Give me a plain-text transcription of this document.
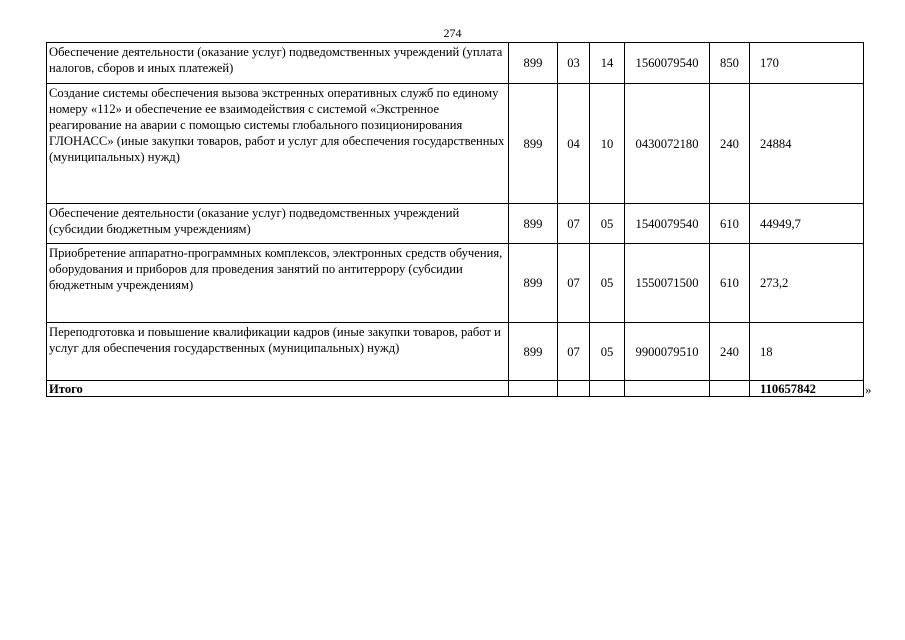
274
Обеспечение деятельности (оказание услуг) подведомственных учреждений (уплата налогов, сборов и иных платежей)	899	03	14	1560079540	850	170
Создание системы обеспечения вызова экстренных оперативных служб по единому номеру «112» и обеспечение ее взаимодействия с системой «Экстренное реагирование на аварии с помощью системы глобального позиционирования ГЛОНАСС» (иные закупки товаров, работ и услуг для обеспечения государственных (муниципальных) нужд)	899	04	10	0430072180	240	24884
Обеспечение деятельности (оказание услуг) подведомственных учреждений (субсидии бюджетным учреждениям)	899	07	05	1540079540	610	44949,7
Приобретение аппаратно-программных комплексов, электронных средств обучения, оборудования и приборов для проведения занятий по антитеррору (субсидии бюджетным учреждениям)	899	07	05	1550071500	610	273,2
Переподготовка и повышение квалификации кадров (иные закупки товаров, работ и услуг для обеспечения государственных (муниципальных) нужд)	899	07	05	9900079510	240	18
Итого						110657842	»
